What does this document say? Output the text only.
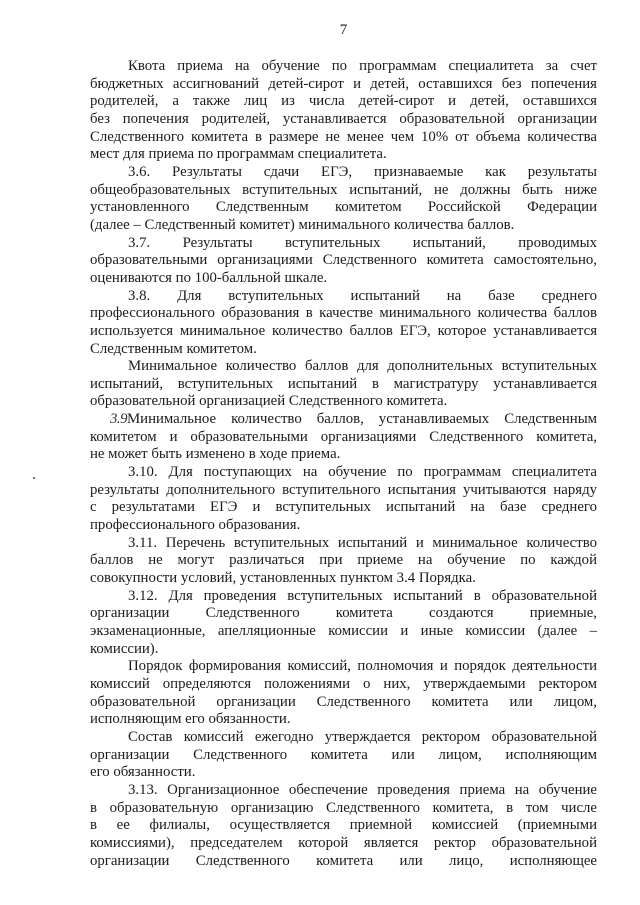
7
Квота приема на обучение по программам специалитета за счет
бюджетных ассигнований детей-сирот и детей, оставшихся без попечения
родителей, а также лиц из числа детей-сирот и детей, оставшихся
без попечения родителей, устанавливается образовательной организации
Следственного комитета в размере не менее чем 10% от объема количества
мест для приема по программам специалитета.
3.6. Результаты сдачи ЕГЭ, признаваемые как результаты
общеобразовательных вступительных испытаний, не должны быть ниже
установленного Следственным комитетом Российской Федерации
(далее – Следственный комитет) минимального количества баллов.
3.7. Результаты вступительных испытаний, проводимых
образовательными организациями Следственного комитета самостоятельно,
оцениваются по 100-балльной шкале.
3.8. Для вступительных испытаний на базе среднего
профессионального образования в качестве минимального количества баллов
используется минимальное количество баллов ЕГЭ, которое устанавливается
Следственным комитетом.
Минимальное количество баллов для дополнительных вступительных
испытаний, вступительных испытаний в магистратуру устанавливается
образовательной организацией Следственного комитета.
3.9Минимальное количество баллов, устанавливаемых Следственным
комитетом и образовательными организациями Следственного комитета,
не может быть изменено в ходе приема.
3.10. Для поступающих на обучение по программам специалитета
результаты дополнительного вступительного испытания учитываются наряду
с результатами ЕГЭ и вступительных испытаний на базе среднего
профессионального образования.
3.11. Перечень вступительных испытаний и минимальное количество
баллов не могут различаться при приеме на обучение по каждой
совокупности условий, установленных пунктом 3.4 Порядка.
3.12. Для проведения вступительных испытаний в образовательной
организации Следственного комитета создаются приемные,
экзаменационные, апелляционные комиссии и иные комиссии (далее –
комиссии).
Порядок формирования комиссий, полномочия и порядок деятельности
комиссий определяются положениями о них, утверждаемыми ректором
образовательной организации Следственного комитета или лицом,
исполняющим его обязанности.
Состав комиссий ежегодно утверждается ректором образовательной
организации Следственного комитета или лицом, исполняющим
его обязанности.
3.13. Организационное обеспечение проведения приема на обучение
в образовательную организацию Следственного комитета, в том числе
в ее филиалы, осуществляется приемной комиссией (приемными
комиссиями), председателем которой является ректор образовательной
организации Следственного комитета или лицо, исполняющее
